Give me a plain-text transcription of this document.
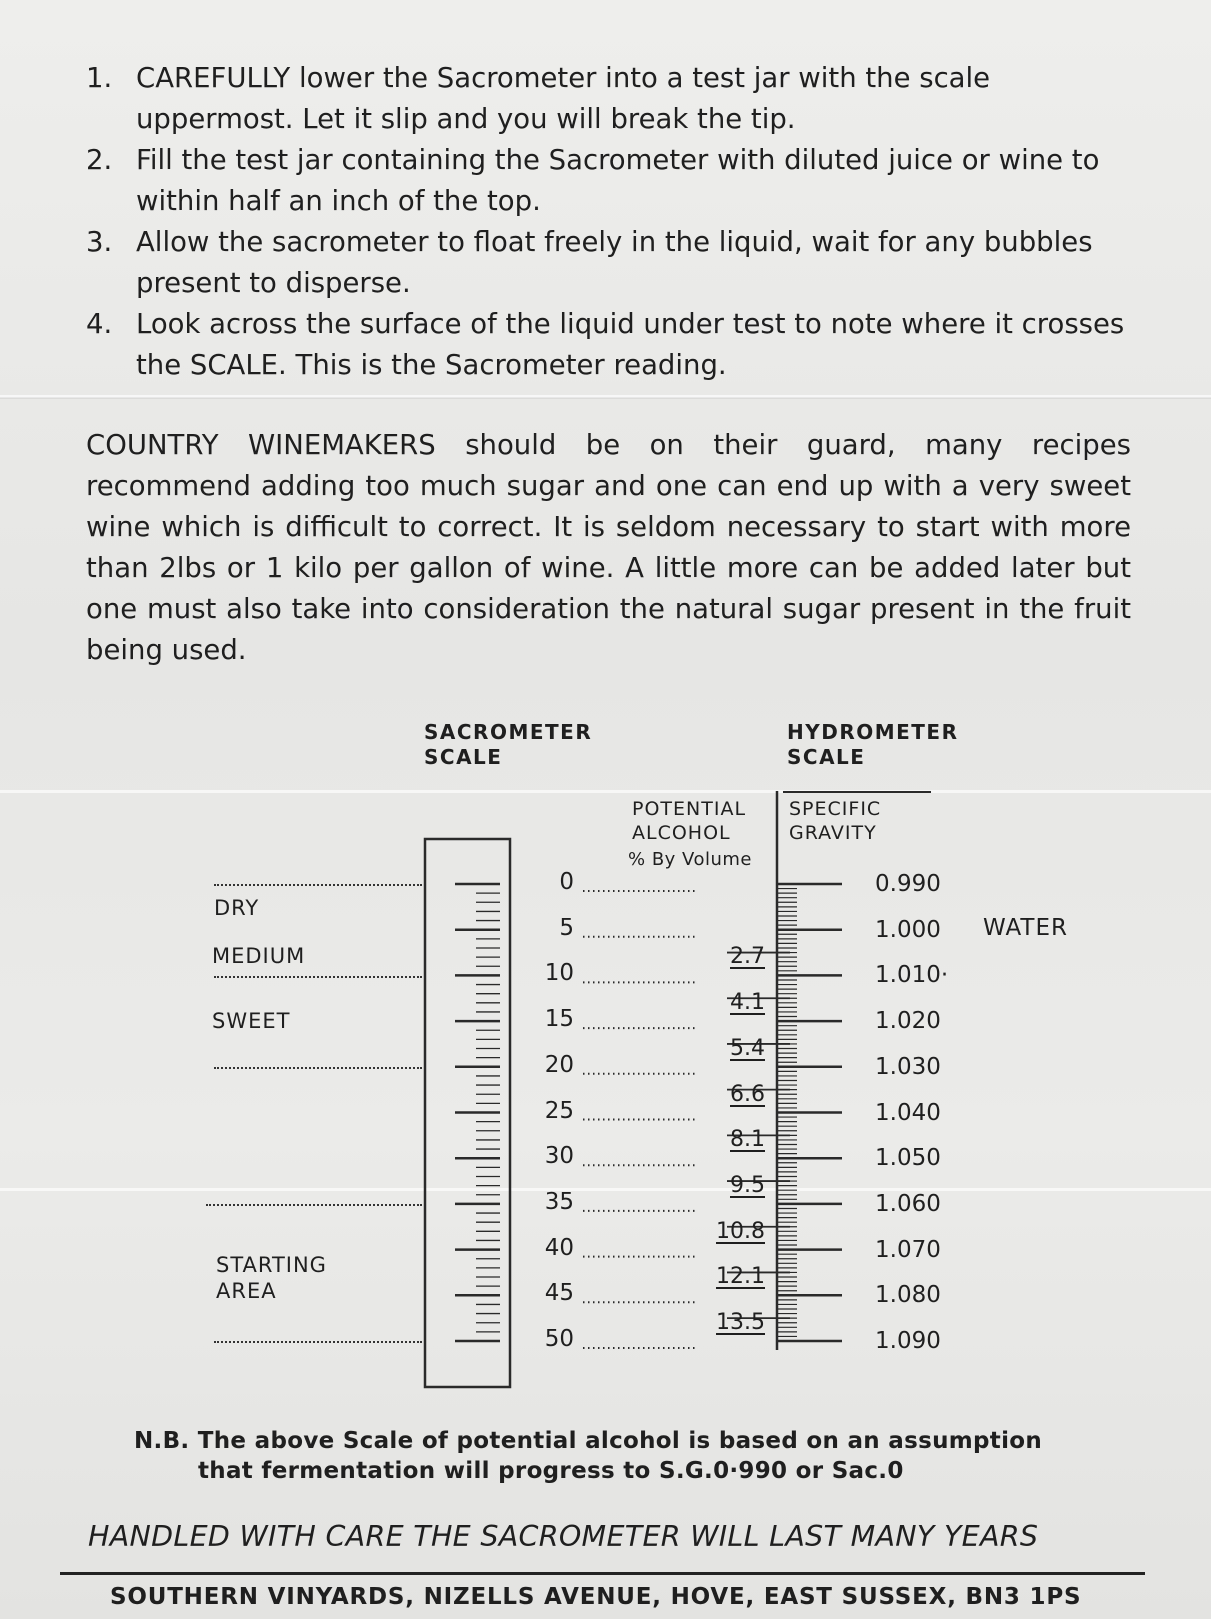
1. CAREFULLY lower the Sacrometer into a test jar with the scale uppermost. Let it slip and you will break the tip.
2. Fill the test jar containing the Sacrometer with diluted juice or wine to within half an inch of the top.
3. Allow the sacrometer to float freely in the liquid, wait for any bubbles present to disperse.
4. Look across the surface of the liquid under test to note where it crosses the SCALE. This is the Sacrometer reading.

COUNTRY WINEMAKERS should be on their guard, many recipes recommend adding too much sugar and one can end up with a very sweet wine which is difficult to correct. It is seldom necessary to start with more than 2lbs or 1 kilo per gallon of wine. A little more can be added later but one must also take into consideration the natural sugar present in the fruit being used.

SACROMETER
SCALE
HYDROMETER
SCALE
POTENTIAL
ALCOHOL
SPECIFIC
GRAVITY
% By Volume
DRY
MEDIUM
SWEET
STARTING
AREA
WATER
0
5
10
15
20
25
30
35
40
45
50
0.990
1.000
1.010·
1.020
1.030
1.040
1.050
1.060
1.070
1.080
1.090
2.7
4.1
5.4
6.6
8.1
9.5
10.8
12.1
13.5
N.B. The above Scale of potential alcohol is based on an assumption
that fermentation will progress to S.G.0·990 or Sac.0
HANDLED WITH CARE THE SACROMETER WILL LAST MANY YEARS
SOUTHERN VINYARDS, NIZELLS AVENUE, HOVE, EAST SUSSEX, BN3 1PS
